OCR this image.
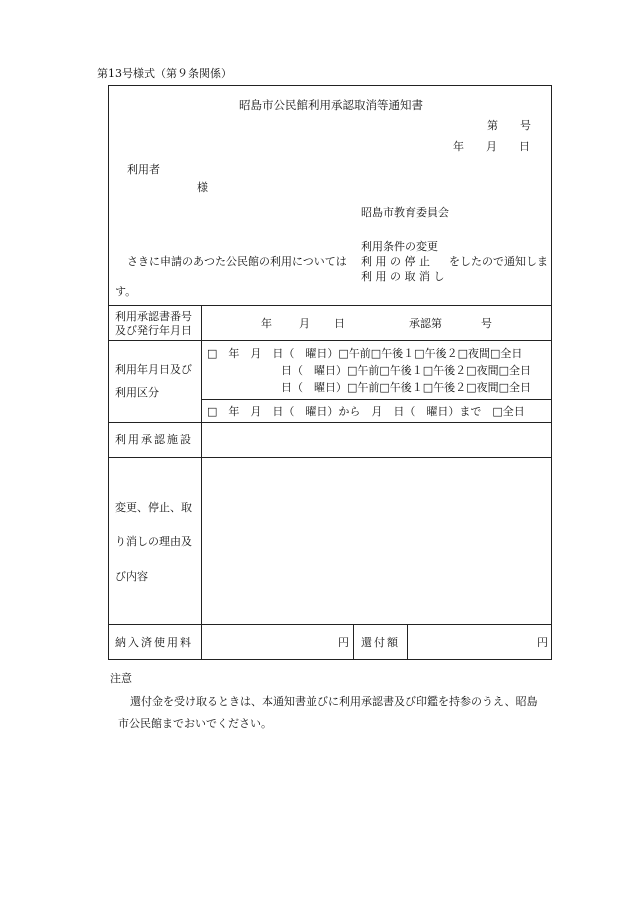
第13号様式（第９条関係）
昭島市公民館利用承認取消等通知書
第　　号
年　　月　　日
利用者
様
昭島市教育委員会
利用条件の変更
さきに申請のあつた公民館の利用については 利 用 の 停 止 をしたので通知しま
利 用 の 取 消 し
す。
利用承認書番号
及び発行年月日
年 月 日	承認第	号
利用年月日及び
利用区分
□　年　月　日（　曜日）□午前□午後１□午後２□夜間□全日
日（　曜日）□午前□午後１□午後２□夜間□全日
日（　曜日）□午前□午後１□午後２□夜間□全日
□　年　月　日（　曜日）から　月　日（　曜日）まで　□全日
利用承認施設
変更、停止、取
り消しの理由及
び内容
納入済使用料	円 還付額	円
注意
還付金を受け取るときは、本通知書並びに利用承認書及び印鑑を持参のうえ、昭島
市公民館までおいでください。
